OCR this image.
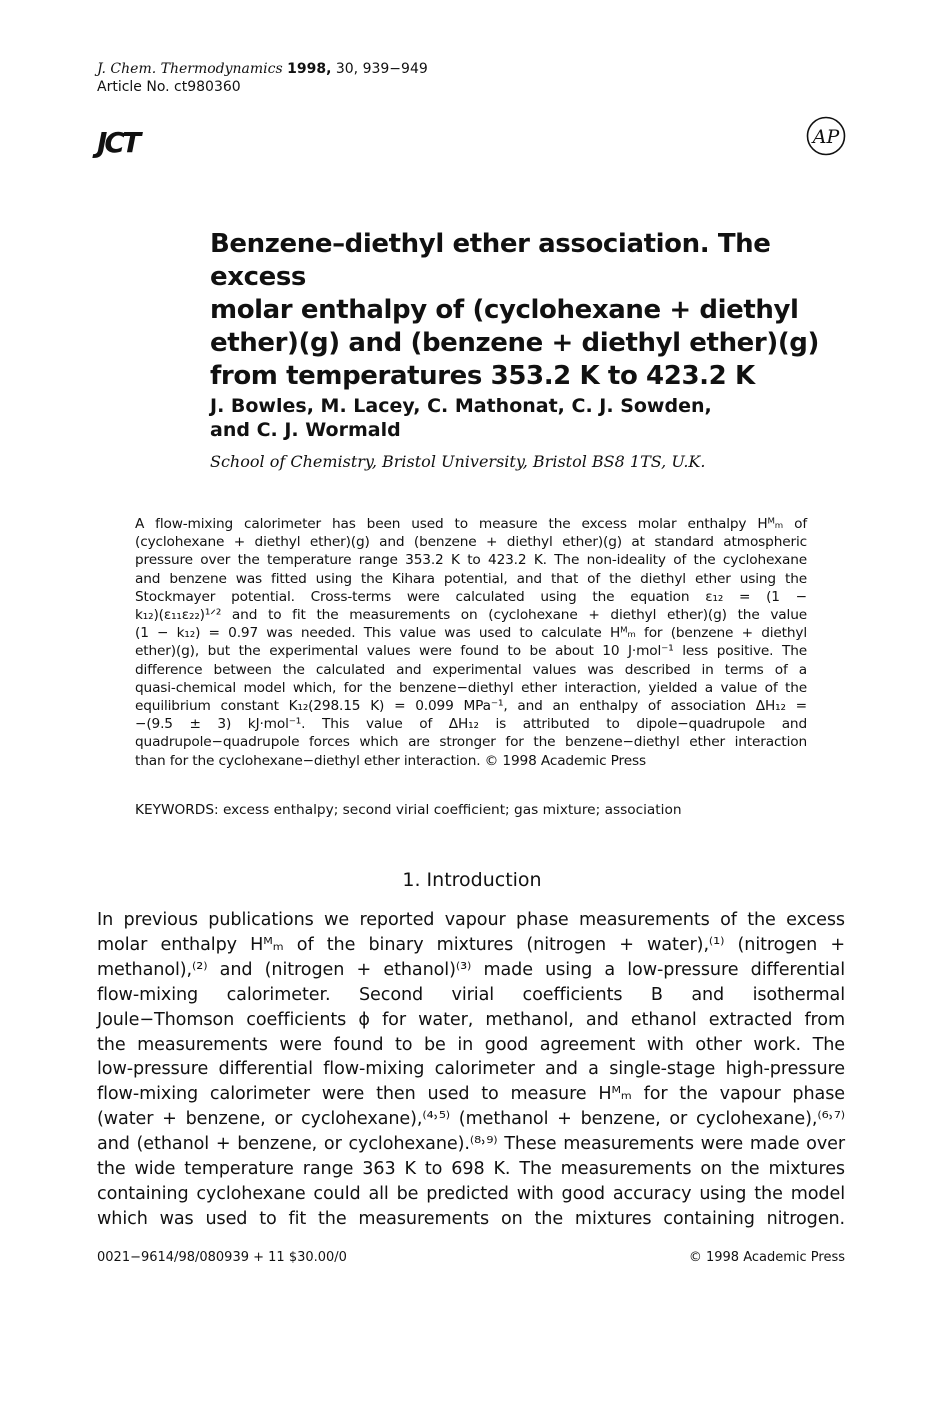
J. Chem. Thermodynamics 1998, 30, 939−949
Article No. ct980360
JCT	AP
Benzene–diethyl ether association. The excess
molar enthalpy of (cyclohexane + diethyl
ether)(g) and (benzene + diethyl ether)(g)
from temperatures 353.2 K to 423.2 K
J. Bowles, M. Lacey, C. Mathonat, C. J. Sowden,
and C. J. Wormald
School of Chemistry, Bristol University, Bristol BS8 1TS, U.K.
A flow-mixing calorimeter has been used to measure the excess molar enthalpy Hᴹₘ of
(cyclohexane + diethyl ether)(g) and (benzene + diethyl ether)(g) at standard atmospheric
pressure over the temperature range 353.2 K to 423.2 K. The non-ideality of the cyclohexane
and benzene was fitted using the Kihara potential, and that of the diethyl ether using the
Stockmayer potential. Cross-terms were calculated using the equation ε₁₂ = (1 −
k₁₂)(ε₁₁ε₂₂)¹ᐟ² and to fit the measurements on (cyclohexane + diethyl ether)(g) the value
(1 − k₁₂) = 0.97 was needed. This value was used to calculate Hᴹₘ for (benzene + diethyl
ether)(g), but the experimental values were found to be about 10 J·mol⁻¹ less positive. The
difference between the calculated and experimental values was described in terms of a
quasi-chemical model which, for the benzene−diethyl ether interaction, yielded a value of the
equilibrium constant K₁₂(298.15 K) = 0.099 MPa⁻¹, and an enthalpy of association ΔH₁₂ =
−(9.5 ± 3) kJ·mol⁻¹. This value of ΔH₁₂ is attributed to dipole−quadrupole and
quadrupole−quadrupole forces which are stronger for the benzene−diethyl ether interaction
than for the cyclohexane−diethyl ether interaction. © 1998 Academic Press
KEYWORDS: excess enthalpy; second virial coefficient; gas mixture; association
1. Introduction
In previous publications we reported vapour phase measurements of the excess
molar enthalpy Hᴹₘ of the binary mixtures (nitrogen + water),⁽¹⁾ (nitrogen +
methanol),⁽²⁾ and (nitrogen + ethanol)⁽³⁾ made using a low-pressure differential
flow-mixing calorimeter. Second virial coefficients B and isothermal
Joule−Thomson coefficients ϕ for water, methanol, and ethanol extracted from
the measurements were found to be in good agreement with other work. The
low-pressure differential flow-mixing calorimeter and a single-stage high-pressure
flow-mixing calorimeter were then used to measure Hᴹₘ for the vapour phase
(water + benzene, or cyclohexane),⁽⁴˒⁵⁾ (methanol + benzene, or cyclohexane),⁽⁶˒⁷⁾
and (ethanol + benzene, or cyclohexane).⁽⁸˒⁹⁾ These measurements were made over
the wide temperature range 363 K to 698 K. The measurements on the mixtures
containing cyclohexane could all be predicted with good accuracy using the model
which was used to fit the measurements on the mixtures containing nitrogen.
0021−9614/98/080939 + 11 $30.00/0	© 1998 Academic Press
